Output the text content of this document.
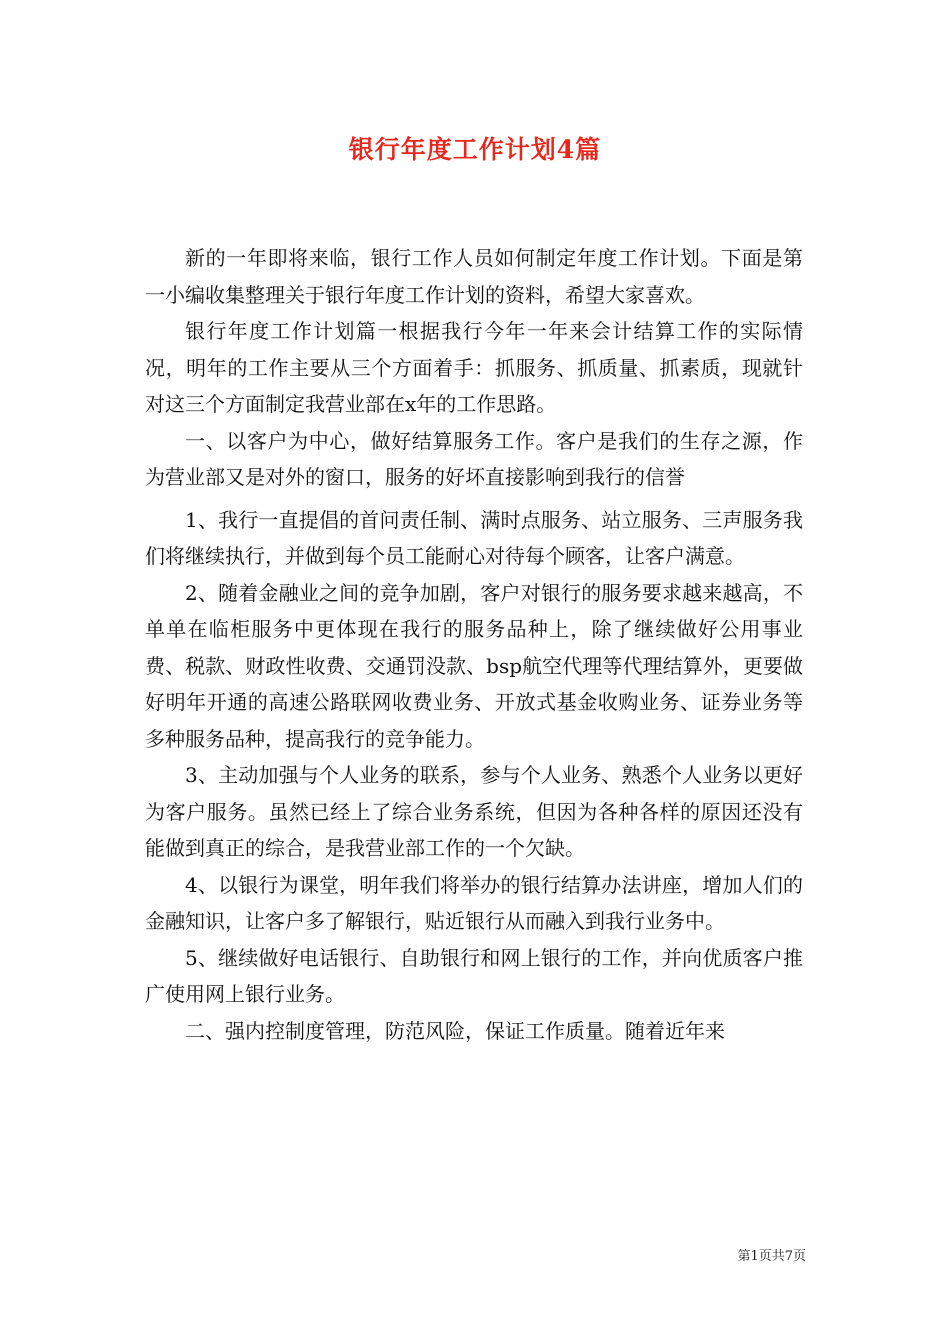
银行年度工作计划4篇

新的一年即将来临，银行工作人员如何制定年度工作计划。下面是第一小编收集整理关于银行年度工作计划的资料，希望大家喜欢。

银行年度工作计划篇一根据我行今年一年来会计结算工作的实际情况，明年的工作主要从三个方面着手：抓服务、抓质量、抓素质，现就针对这三个方面制定我营业部在x年的工作思路。

一、以客户为中心，做好结算服务工作。客户是我们的生存之源，作为营业部又是对外的窗口，服务的好坏直接影响到我行的信誉

1、我行一直提倡的首问责任制、满时点服务、站立服务、三声服务我们将继续执行，并做到每个员工能耐心对待每个顾客，让客户满意。

2、随着金融业之间的竞争加剧，客户对银行的服务要求越来越高，不单单在临柜服务中更体现在我行的服务品种上，除了继续做好公用事业费、税款、财政性收费、交通罚没款、bsp航空代理等代理结算外，更要做好明年开通的高速公路联网收费业务、开放式基金收购业务、证券业务等多种服务品种，提高我行的竞争能力。

3、主动加强与个人业务的联系，参与个人业务、熟悉个人业务以更好为客户服务。虽然已经上了综合业务系统，但因为各种各样的原因还没有能做到真正的综合，是我营业部工作的一个欠缺。

4、以银行为课堂，明年我们将举办的银行结算办法讲座，增加人们的金融知识，让客户多了解银行，贴近银行从而融入到我行业务中。

5、继续做好电话银行、自助银行和网上银行的工作，并向优质客户推广使用网上银行业务。

二、强内控制度管理，防范风险，保证工作质量。随着近年来

第1页共7页
